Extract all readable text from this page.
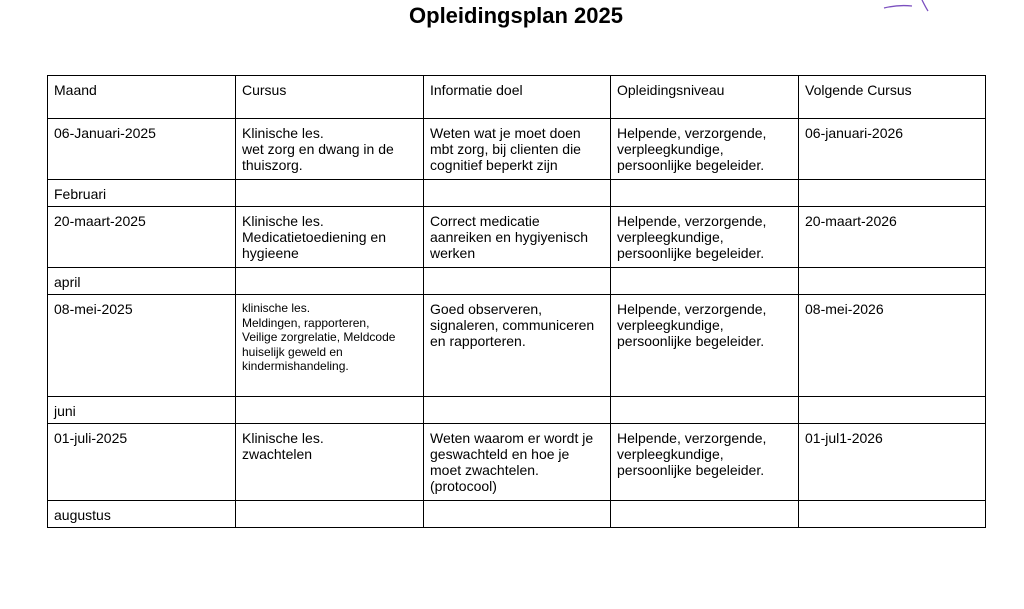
Opleidingsplan 2025
Maand	Cursus	Informatie doel	Opleidingsniveau	Volgende Cursus
06-Januari-2025	Klinische les.
wet zorg en dwang in de
thuiszorg.	Weten wat je moet doen
mbt zorg, bij clienten die
cognitief beperkt zijn	Helpende, verzorgende,
verpleegkundige,
persoonlijke begeleider.	06-januari-2026
Februari				
20-maart-2025	Klinische les.
Medicatietoediening en
hygieene	Correct medicatie
aanreiken en hygiyenisch
werken	Helpende, verzorgende,
verpleegkundige,
persoonlijke begeleider.	20-maart-2026
april				
08-mei-2025	klinische les.
Meldingen, rapporteren,
Veilige zorgrelatie, Meldcode
huiselijk geweld en
kindermishandeling.	Goed observeren,
signaleren, communiceren
en rapporteren.	Helpende, verzorgende,
verpleegkundige,
persoonlijke begeleider.	08-mei-2026
juni				
01-juli-2025	Klinische les.
zwachtelen	Weten waarom er wordt je
geswachteld en hoe je
moet zwachtelen.
(protocool)	Helpende, verzorgende,
verpleegkundige,
persoonlijke begeleider.	01-jul1-2026
augustus				
